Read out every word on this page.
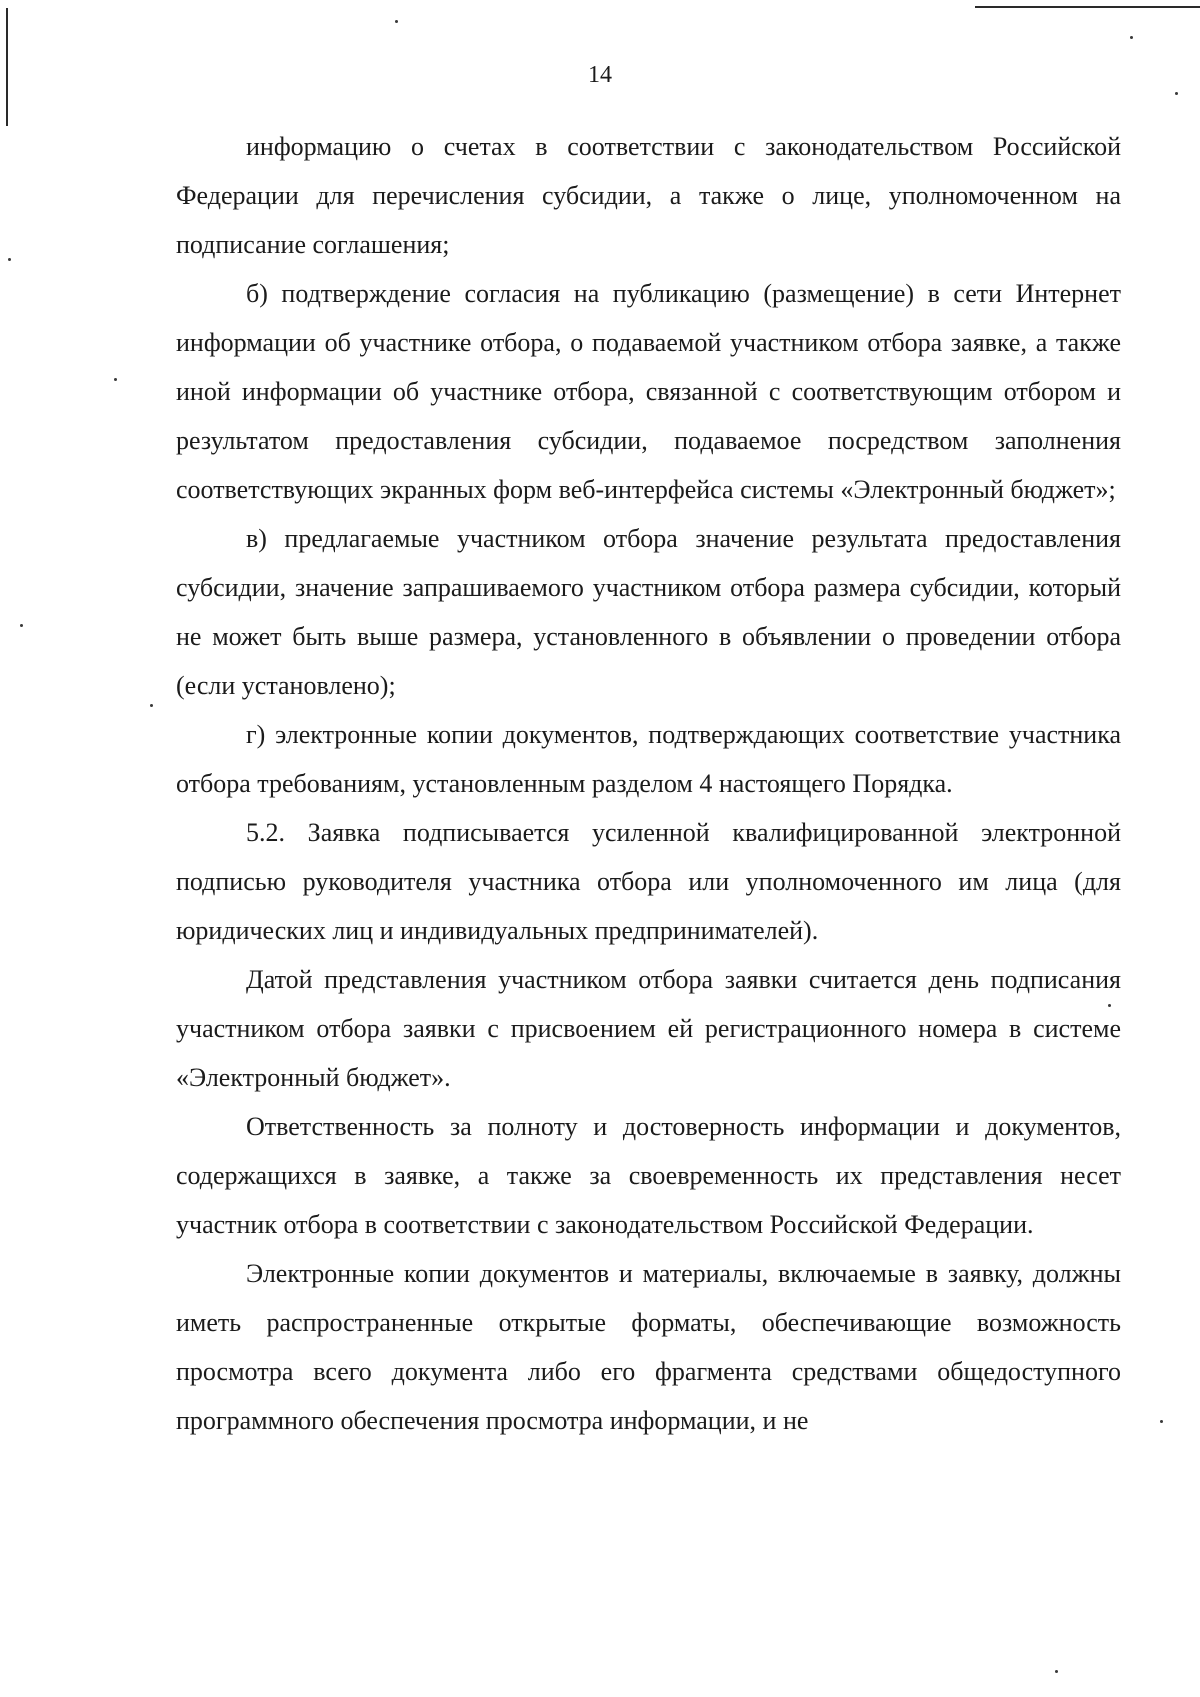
14

информацию о счетах в соответствии с законодательством Российской Федерации для перечисления субсидии, а также о лице, уполномоченном на подписание соглашения;

б) подтверждение согласия на публикацию (размещение) в сети Интернет информации об участнике отбора, о подаваемой участником отбора заявке, а также иной информации об участнике отбора, связанной с соответствующим отбором и результатом предоставления субсидии, подаваемое посредством заполнения соответствующих экранных форм веб-интерфейса системы «Электронный бюджет»;

в) предлагаемые участником отбора значение результата предоставления субсидии, значение запрашиваемого участником отбора размера субсидии, который не может быть выше размера, установленного в объявлении о проведении отбора (если установлено);

г) электронные копии документов, подтверждающих соответствие участника отбора требованиям, установленным разделом 4 настоящего Порядка.

5.2. Заявка подписывается усиленной квалифицированной электронной подписью руководителя участника отбора или уполномоченного им лица (для юридических лиц и индивидуальных предпринимателей).

Датой представления участником отбора заявки считается день подписания участником отбора заявки с присвоением ей регистрационного номера в системе «Электронный бюджет».

Ответственность за полноту и достоверность информации и документов, содержащихся в заявке, а также за своевременность их представления несет участник отбора в соответствии с законодательством Российской Федерации.

Электронные копии документов и материалы, включаемые в заявку, должны иметь распространенные открытые форматы, обеспечивающие возможность просмотра всего документа либо его фрагмента средствами общедоступного программного обеспечения просмотра информации, и не
